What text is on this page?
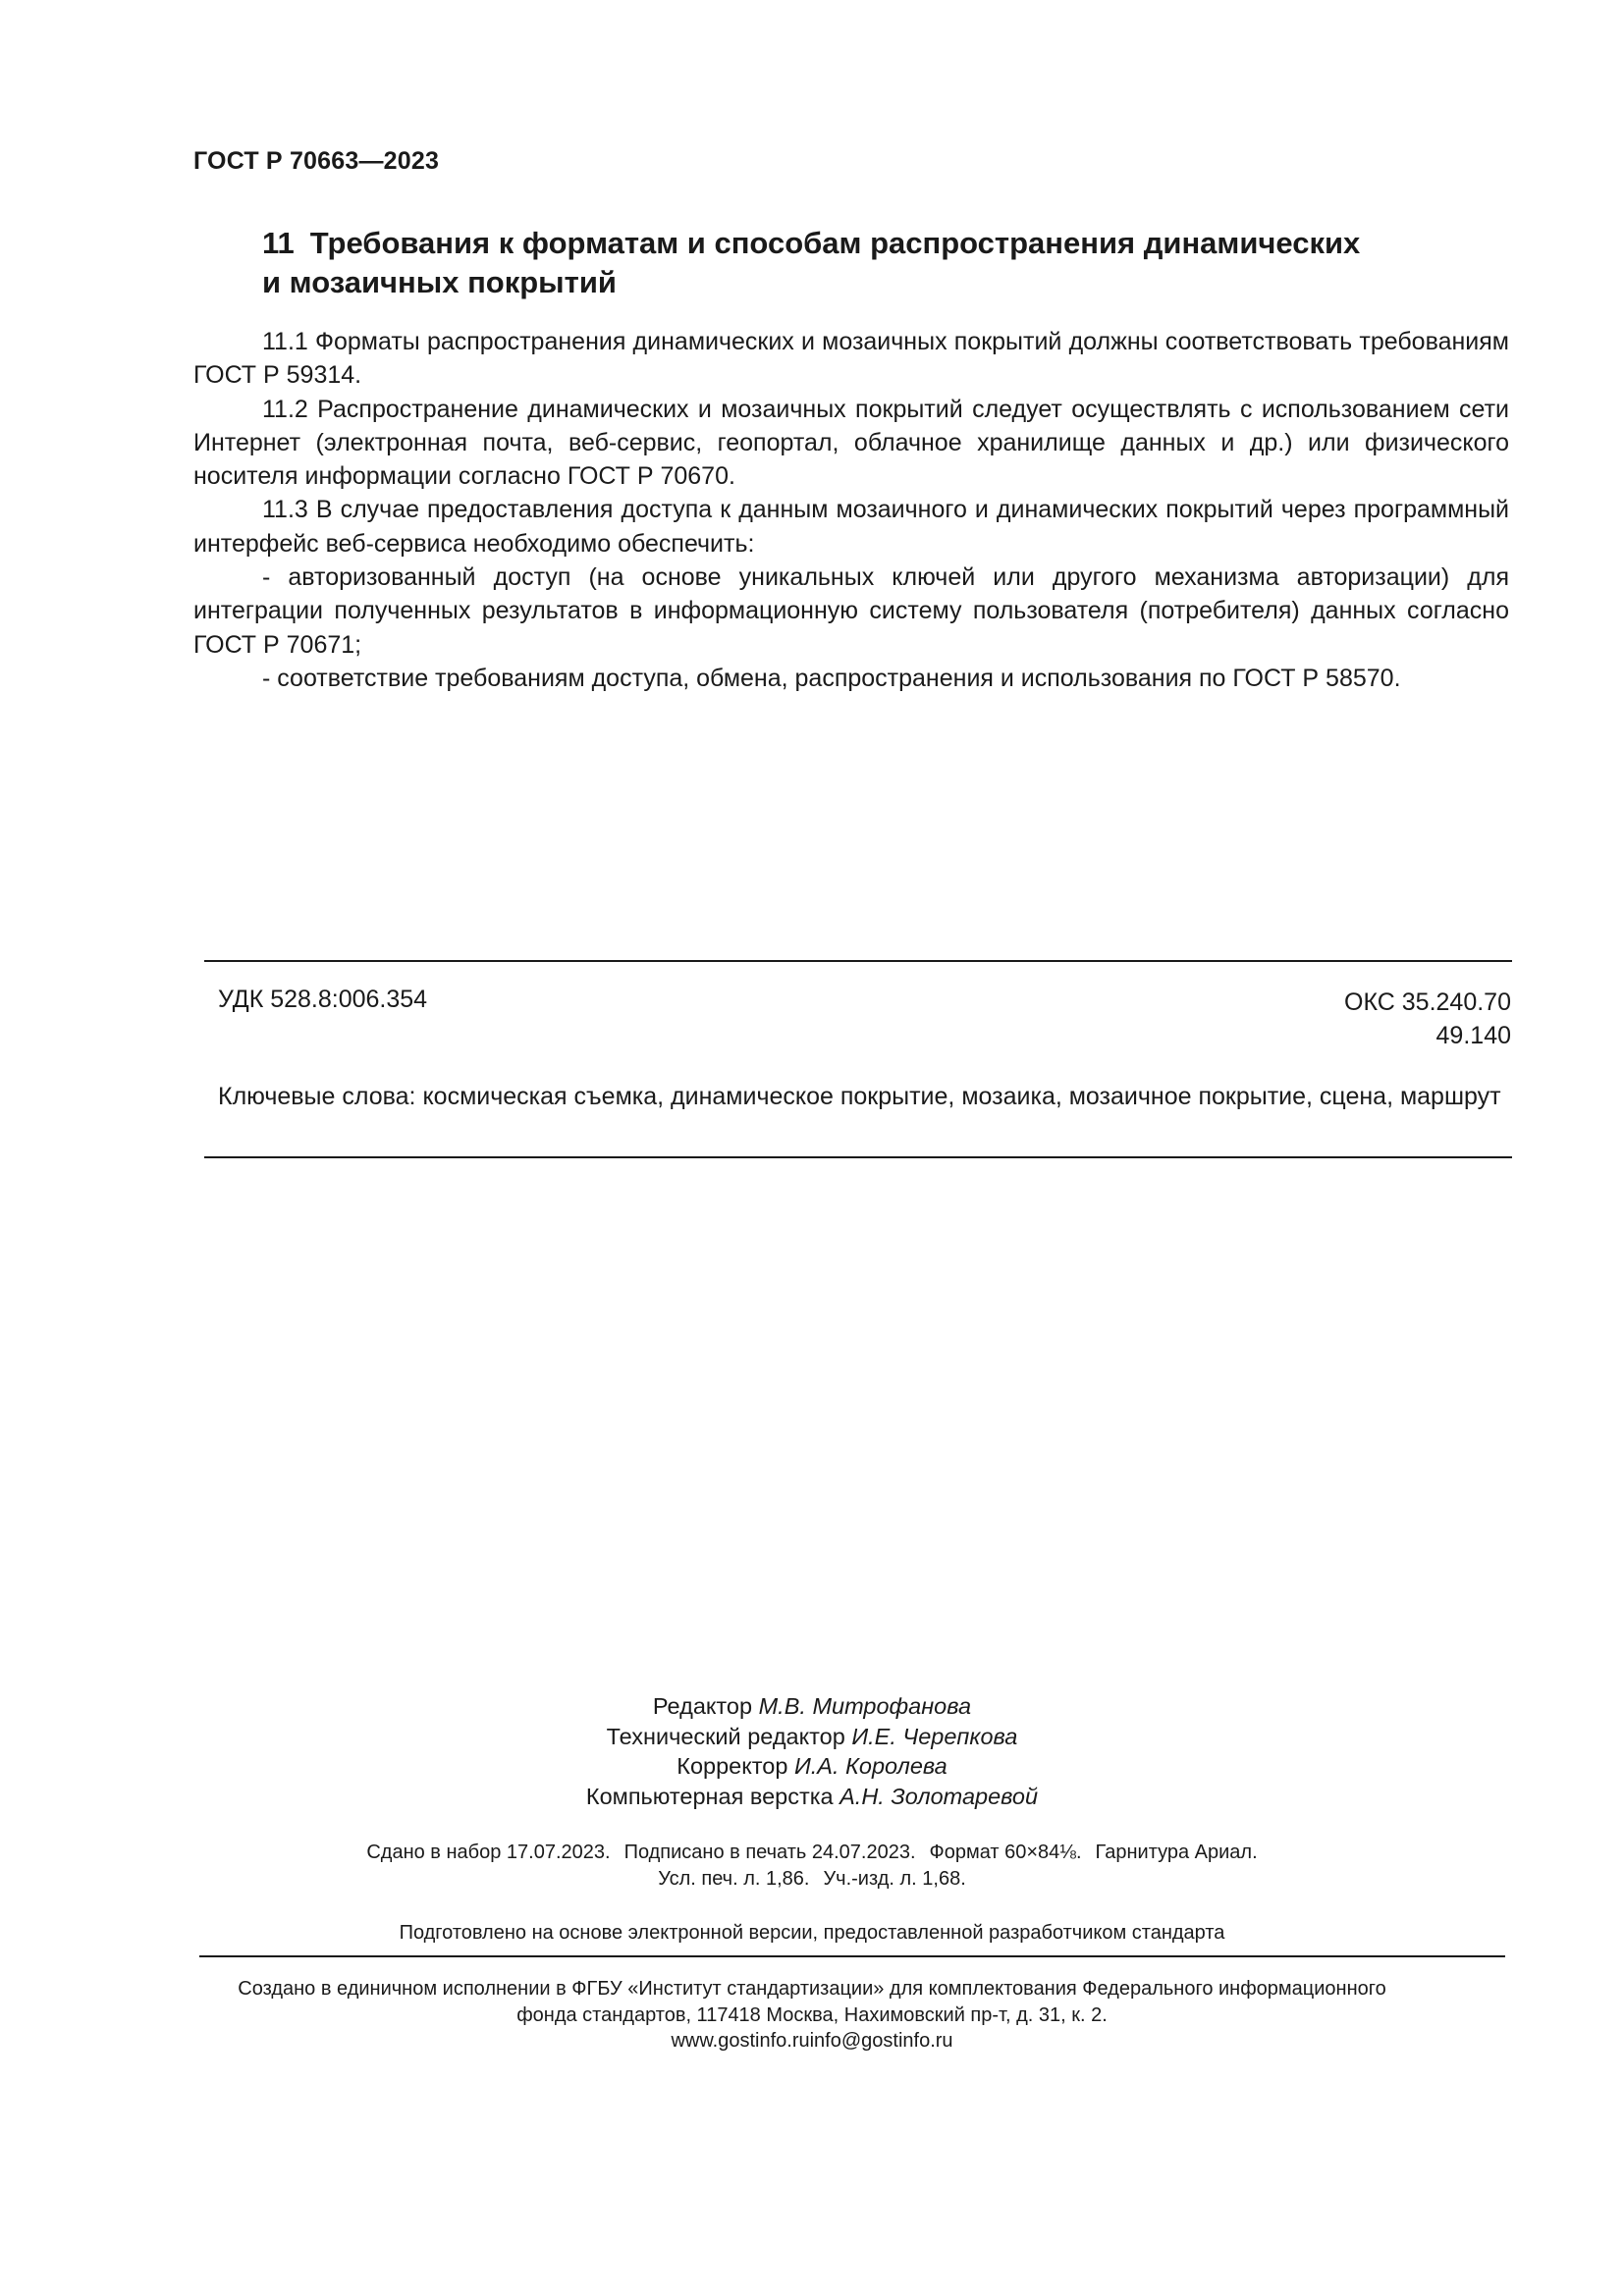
ГОСТ Р 70663—2023
11 Требования к форматам и способам распространения динамических
и мозаичных покрытий

11.1 Форматы распространения динамических и мозаичных покрытий должны соответствовать требованиям ГОСТ Р 59314.

11.2 Распространение динамических и мозаичных покрытий следует осуществлять с использованием сети Интернет (электронная почта, веб-сервис, геопортал, облачное хранилище данных и др.) или физического носителя информации согласно ГОСТ Р 70670.

11.3 В случае предоставления доступа к данным мозаичного и динамических покрытий через программный интерфейс веб-сервиса необходимо обеспечить:

- авторизованный доступ (на основе уникальных ключей или другого механизма авторизации) для интеграции полученных результатов в информационную систему пользователя (потребителя) данных согласно ГОСТ Р 70671;

- соответствие требованиям доступа, обмена, распространения и использования по ГОСТ Р 58570.

УДК 528.8:006.354	ОКС 35.240.70
49.140
Ключевые слова: космическая съемка, динамическое покрытие, мозаика, мозаичное покрытие, сцена, маршрут
Редактор М.В. Митрофанова
Технический редактор И.Е. Черепкова
Корректор И.А. Королева
Компьютерная верстка А.Н. Золотаревой
Сдано в набор 17.07.2023. Подписано в печать 24.07.2023. Формат 60×84⅛. Гарнитура Ариал.
Усл. печ. л. 1,86. Уч.-изд. л. 1,68.
Подготовлено на основе электронной версии, предоставленной разработчиком стандарта
Создано в единичном исполнении в ФГБУ «Институт стандартизации» для комплектования Федерального информационного
фонда стандартов, 117418 Москва, Нахимовский пр-т, д. 31, к. 2.
www.gostinfo.ruinfo@gostinfo.ru
